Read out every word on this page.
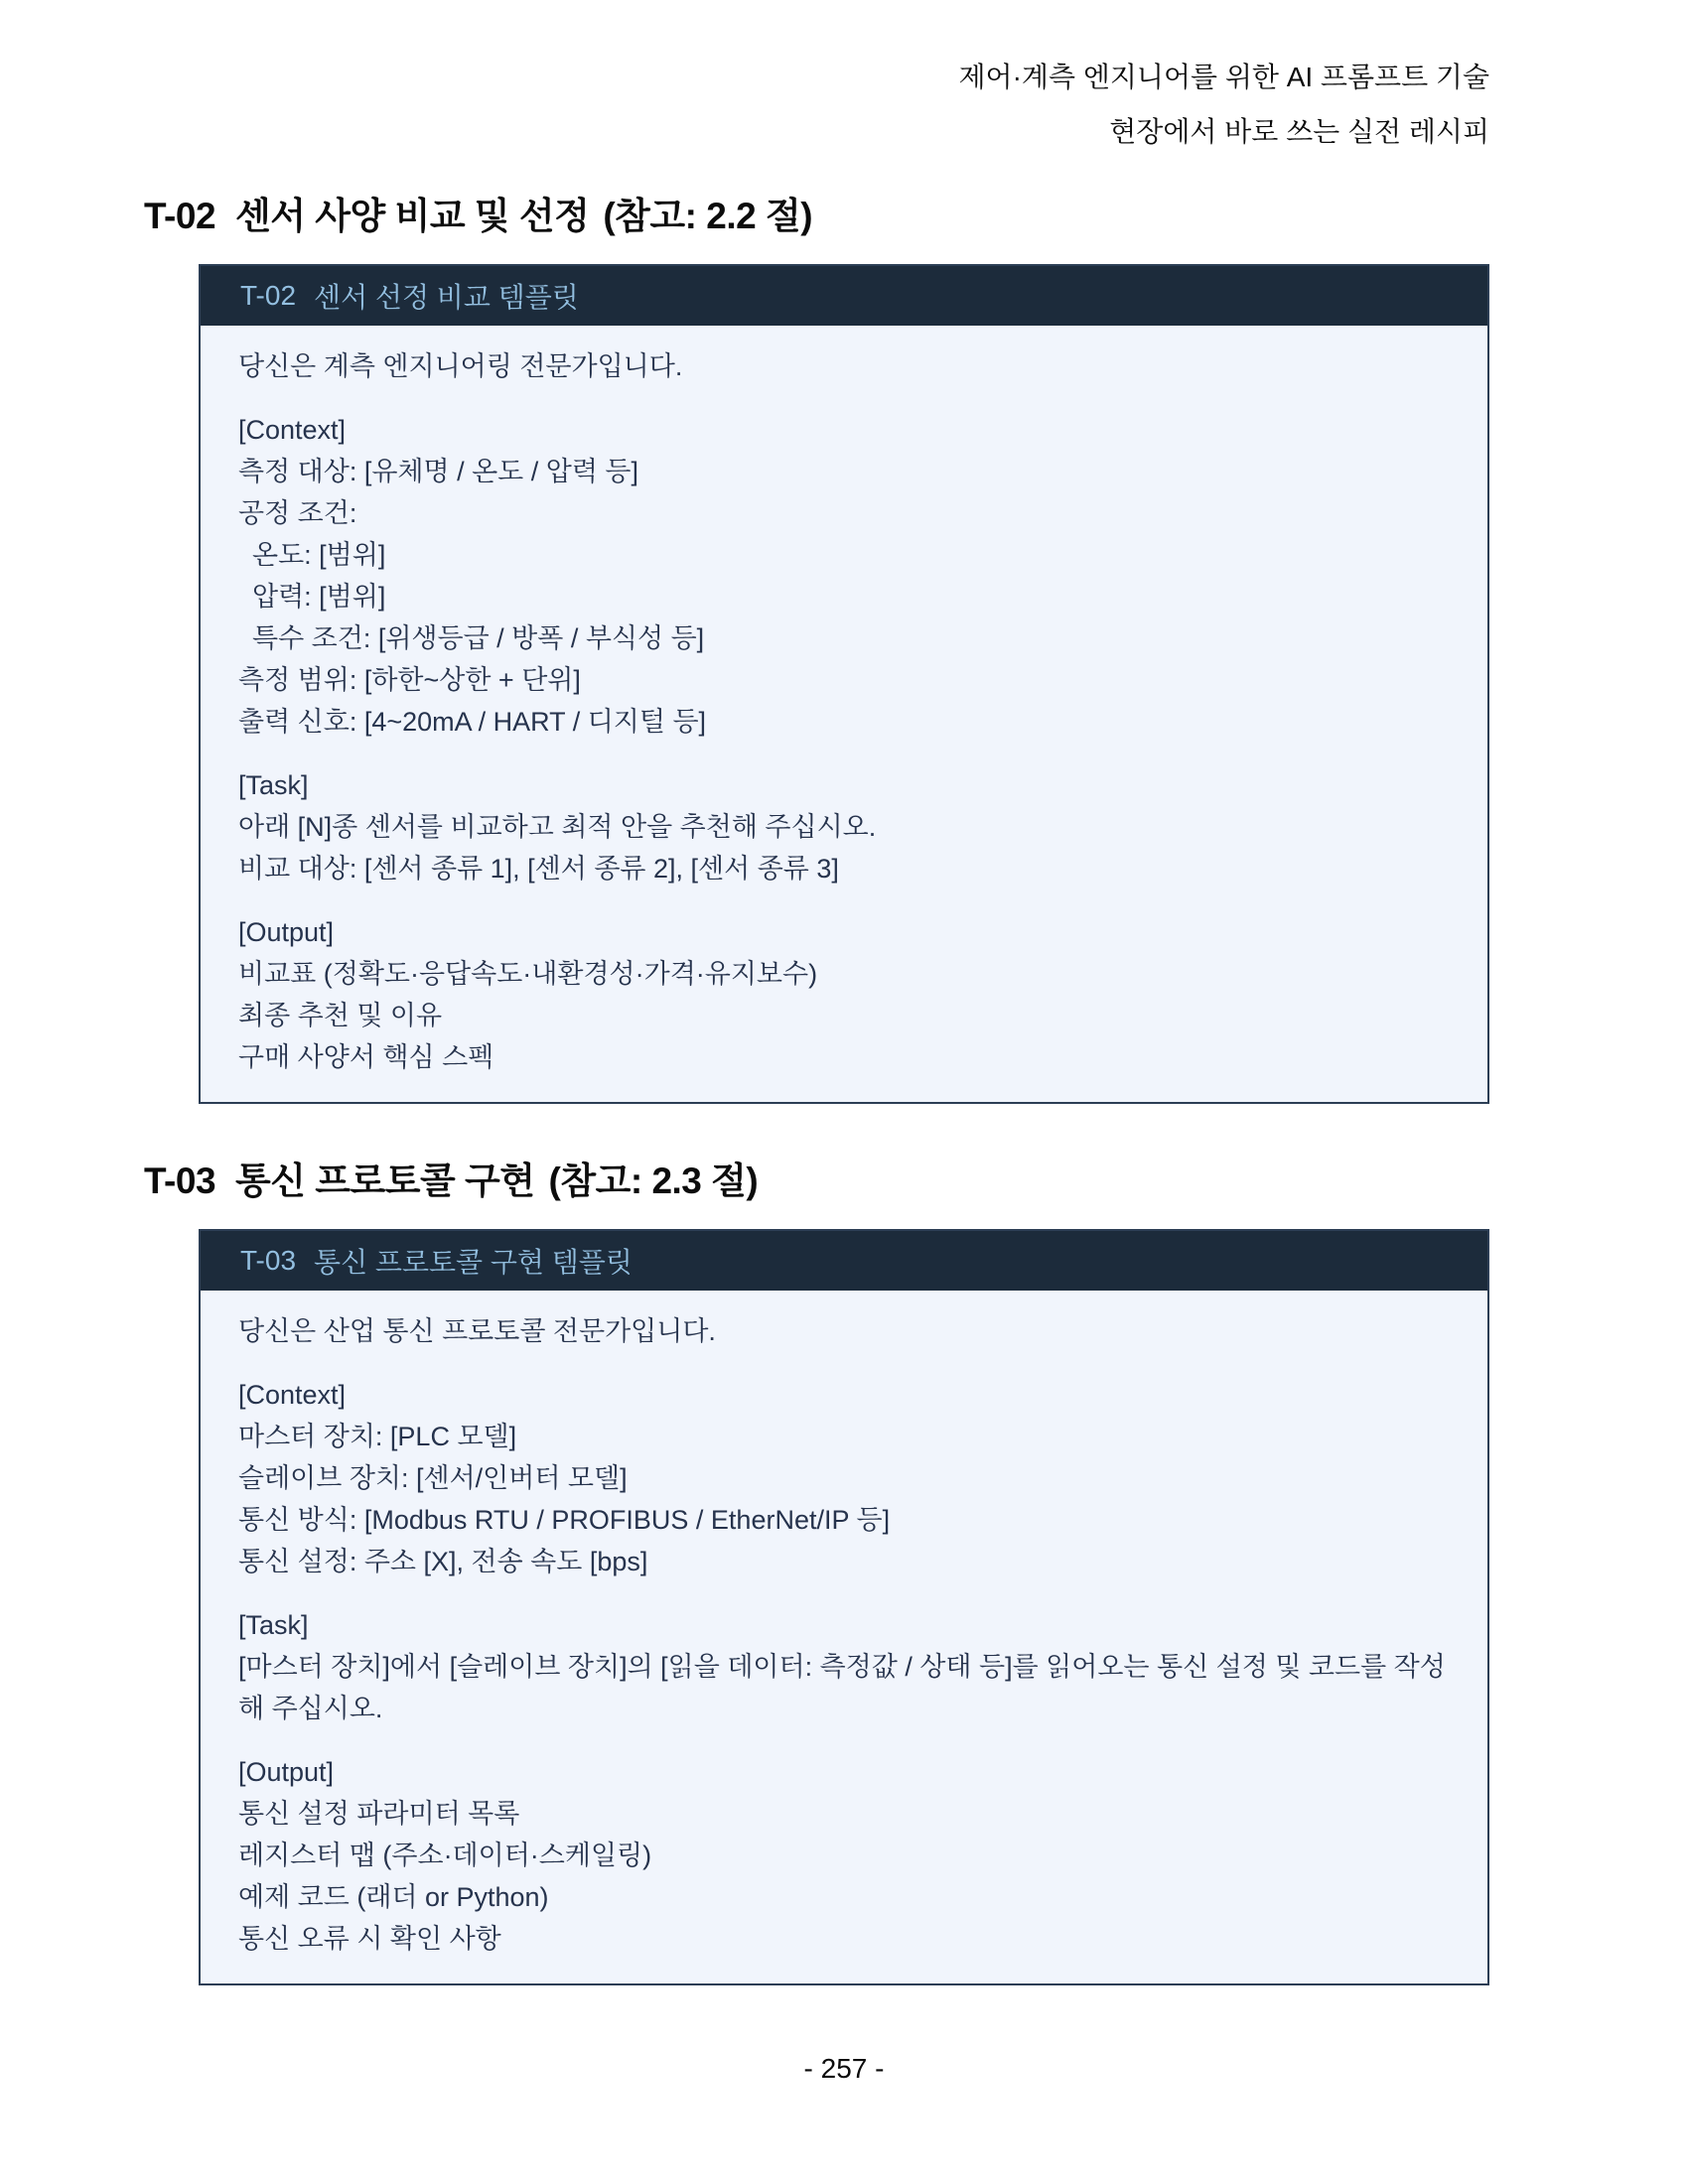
제어·계측 엔지니어를 위한 AI 프롬프트 기술
현장에서 바로 쓰는 실전 레시피
T-02 센서 사양 비교 및 선정 (참고: 2.2 절)
T-02 센서 선정 비교 템플릿
당신은 계측 엔지니어링 전문가입니다.
[Context]
측정 대상: [유체명 / 온도 / 압력 등]
공정 조건:
온도: [범위]
압력: [범위]
특수 조건: [위생등급 / 방폭 / 부식성 등]
측정 범위: [하한~상한 + 단위]
출력 신호: [4~20mA / HART / 디지털 등]
[Task]
아래 [N]종 센서를 비교하고 최적 안을 추천해 주십시오.
비교 대상: [센서 종류 1], [센서 종류 2], [센서 종류 3]
[Output]
비교표 (정확도·응답속도·내환경성·가격·유지보수)
최종 추천 및 이유
구매 사양서 핵심 스펙
T-03 통신 프로토콜 구현 (참고: 2.3 절)
T-03 통신 프로토콜 구현 템플릿
당신은 산업 통신 프로토콜 전문가입니다.
[Context]
마스터 장치: [PLC 모델]
슬레이브 장치: [센서/인버터 모델]
통신 방식: [Modbus RTU / PROFIBUS / EtherNet/IP 등]
통신 설정: 주소 [X], 전송 속도 [bps]
[Task]
[마스터 장치]에서 [슬레이브 장치]의 [읽을 데이터: 측정값 / 상태 등]를 읽어오는 통신 설정 및 코드를 작성해 주십시오.
[Output]
통신 설정 파라미터 목록
레지스터 맵 (주소·데이터·스케일링)
예제 코드 (래더 or Python)
통신 오류 시 확인 사항
- 257 -
